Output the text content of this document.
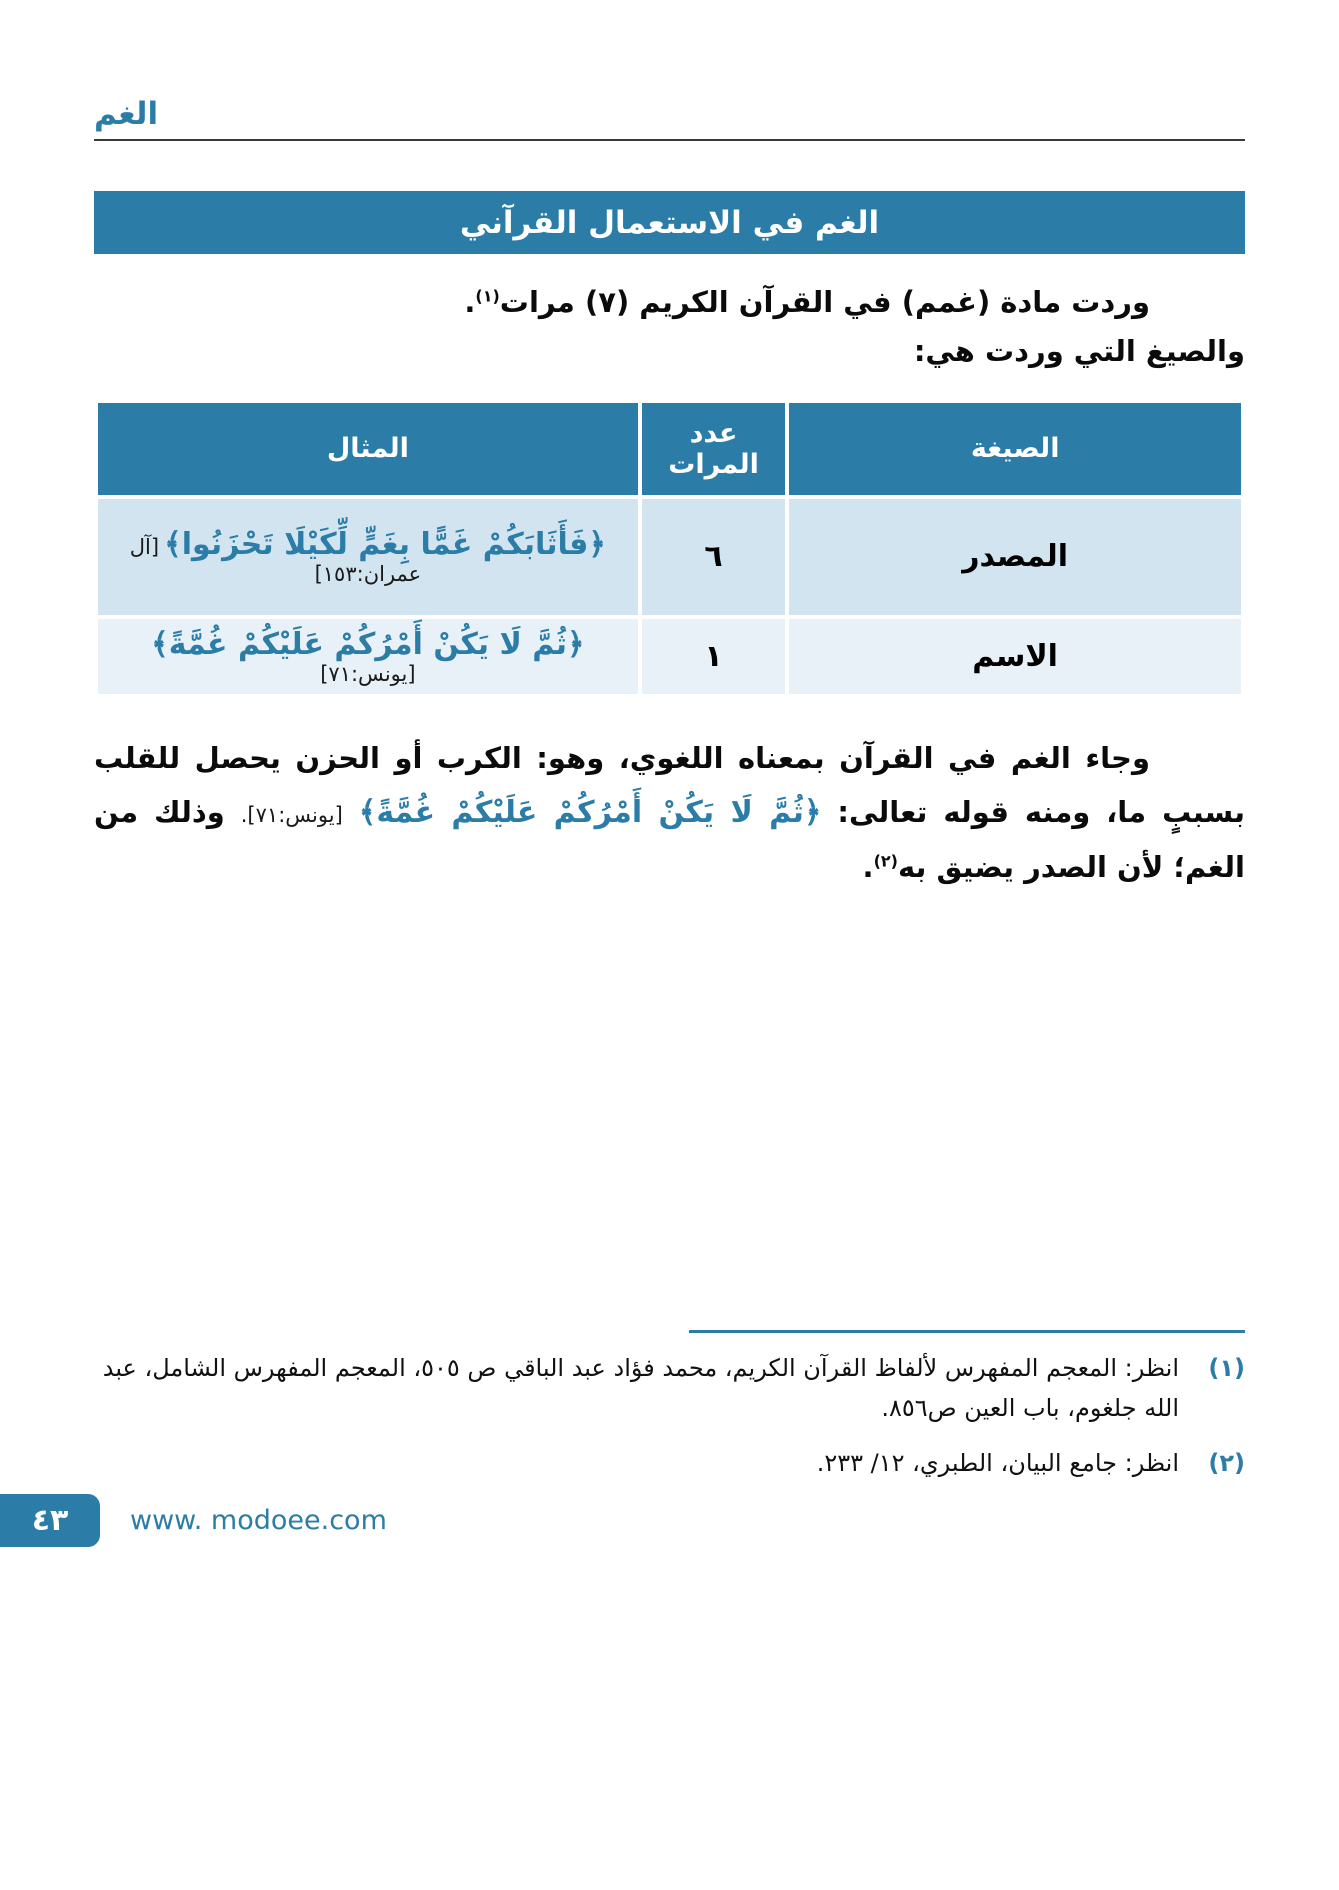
الغم
الغم في الاستعمال القرآني

وردت مادة (غمم) في القرآن الكريم (٧) مرات$^{(١)}$.

والصيغ التي وردت هي:

الصيغة	عدد المرات	المثال
المصدر	٦	﴿فَأَثَابَكُمْ غَمًّا بِغَمٍّ لِّكَيْلَا تَحْزَنُوا﴾ [آل عمران:١٥٣]
الاسم	١	﴿ثُمَّ لَا يَكُنْ أَمْرُكُمْ عَلَيْكُمْ غُمَّةً﴾ [يونس:٧١]

وجاء الغم في القرآن بمعناه اللغوي، وهو: الكرب أو الحزن يحصل للقلب بسببٍ ما، ومنه قوله تعالى: ﴿ثُمَّ لَا يَكُنْ أَمْرُكُمْ عَلَيْكُمْ غُمَّةً﴾ [يونس:٧١]. وذلك من الغم؛ لأن الصدر يضيق به$^{(٢)}$.

(١)
انظر: المعجم المفهرس لألفاظ القرآن الكريم، محمد فؤاد عبد الباقي ص ٥٠٥، المعجم المفهرس الشامل، عبد الله جلغوم، باب العين ص٨٥٦.
(٢)
انظر: جامع البيان، الطبري، ١٢/ ٢٣٣.
٤٣ www. modoee.com
